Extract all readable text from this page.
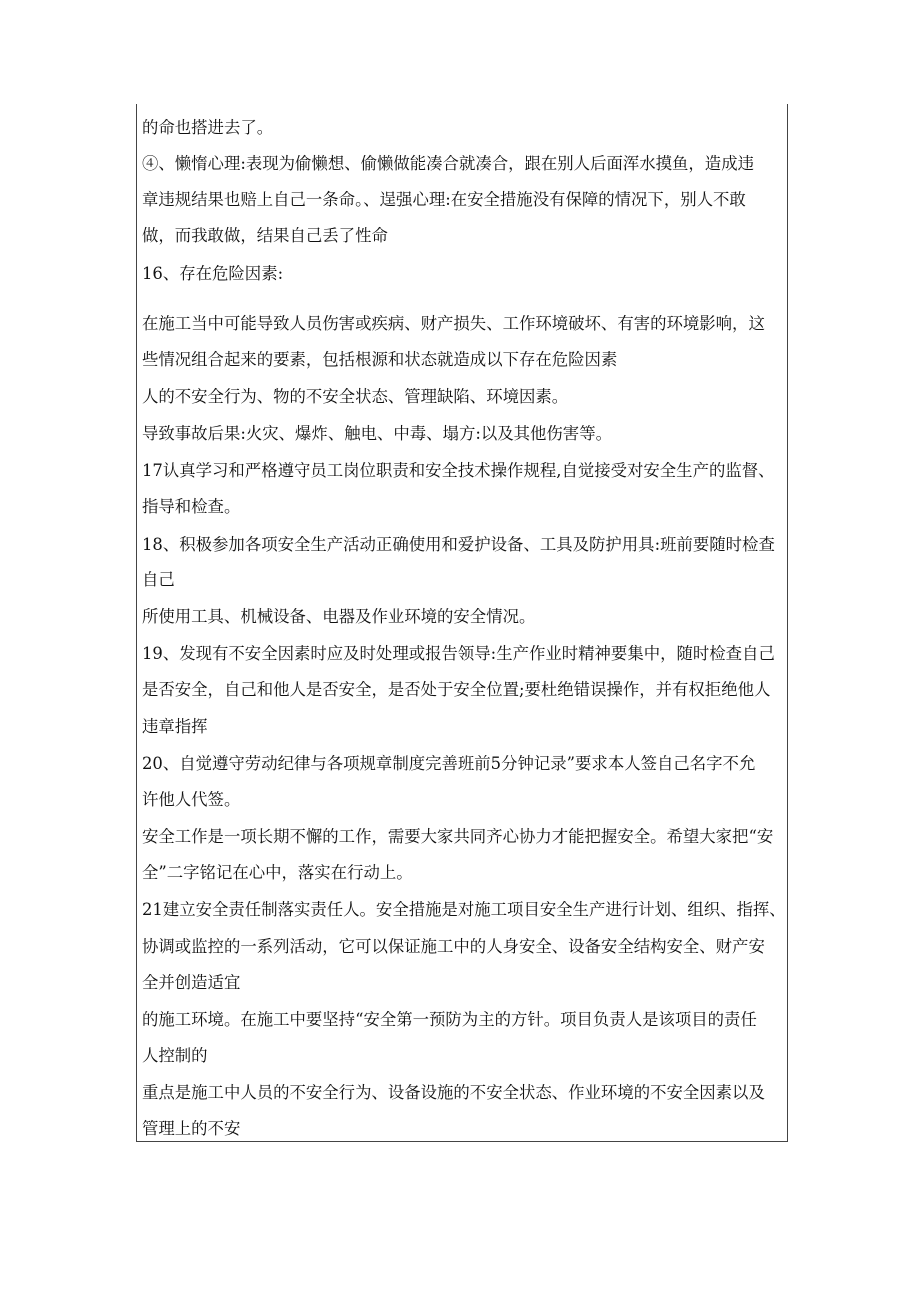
的命也搭进去了。
④、懒惰心理:表现为偷懒想、偷懒做能凑合就凑合，跟在别人后面浑水摸鱼，造成违
章违规结果也赔上自己一条命。、逞强心理:在安全措施没有保障的情况下，别人不敢
做，而我敢做，结果自己丢了性命
16、存在危险因素:
在施工当中可能导致人员伤害或疾病、财产损失、工作环境破坏、有害的环境影响，这
些情况组合起来的要素，包括根源和状态就造成以下存在危险因素
人的不安全行为、物的不安全状态、管理缺陷、环境因素。
导致事故后果:火灾、爆炸、触电、中毒、塌方:以及其他伤害等。
17认真学习和严格遵守员工岗位职责和安全技术操作规程,自觉接受对安全生产的监督、
指导和检查。
18、积极参加各项安全生产活动正确使用和爱护设备、工具及防护用具:班前要随时检查
自己
所使用工具、机械设备、电器及作业环境的安全情况。
19、发现有不安全因素时应及时处理或报告领导:生产作业时精神要集中，随时检查自己
是否安全，自己和他人是否安全，是否处于安全位置;要杜绝错误操作，并有权拒绝他人
违章指挥
20、自觉遵守劳动纪律与各项规章制度完善班前5分钟记录”要求本人签自己名字不允
许他人代签。
安全工作是一项长期不懈的工作，需要大家共同齐心协力才能把握安全。希望大家把“安
全”二字铭记在心中，落实在行动上。
21建立安全责任制落实责任人。安全措施是对施工项目安全生产进行计划、组织、指挥、
协调或监控的一系列活动，它可以保证施工中的人身安全、设备安全结构安全、财产安
全并创造适宜
的施工环境。在施工中要坚持“安全第一预防为主的方针。项目负责人是该项目的责任
人控制的
重点是施工中人员的不安全行为、设备设施的不安全状态、作业环境的不安全因素以及
管理上的不安
